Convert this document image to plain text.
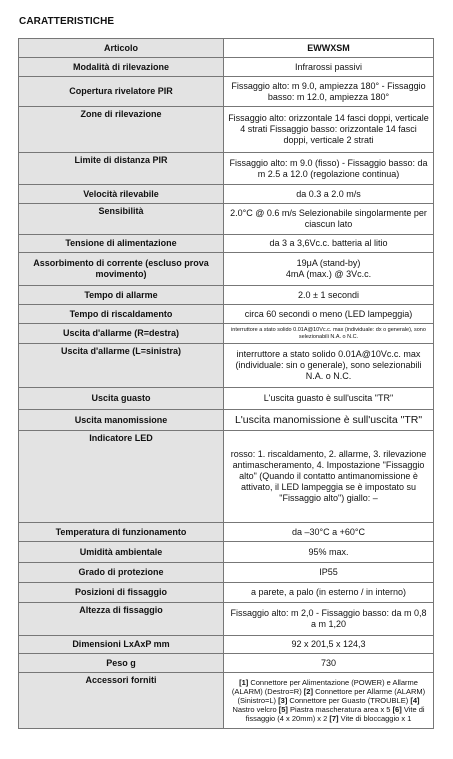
CARATTERISTICHE
Articolo	EWWXSM
Modalità di rilevazione	Infrarossi passivi
Copertura rivelatore PIR	Fissaggio alto: m 9.0, ampiezza 180° - Fissaggio basso: m 12.0, ampiezza 180°
Zone di rilevazione	Fissaggio alto: orizzontale 14 fasci doppi, verticale 4 strati Fissaggio basso: orizzontale 14 fasci doppi, verticale 2 strati
Limite di distanza PIR	Fissaggio alto: m 9.0 (fisso) - Fissaggio basso: da m 2.5 a 12.0 (regolazione continua)
Velocità rilevabile	da 0.3 a 2.0 m/s
Sensibilità	2.0°C @ 0.6 m/s Selezionabile singolarmente per ciascun lato
Tensione di alimentazione	da 3 a 3,6Vc.c. batteria al litio
Assorbimento di corrente (escluso prova movimento)	19μA (stand-by)
4mA (max.) @ 3Vc.c.

Tempo di allarme	2.0 ± 1 secondi
Tempo di riscaldamento	circa 60 secondi o meno (LED lampeggia)
Uscita d'allarme (R=destra)	interruttore a stato solido 0.01A@10Vc.c. max (individuale: dx o generale), sono selezionabili N.A. o N.C.
Uscita d'allarme (L=sinistra)	interruttore a stato solido 0.01A@10Vc.c. max (individuale: sin o generale), sono selezionabili N.A. o N.C.
Uscita guasto	L'uscita guasto è sull'uscita "TR"
Uscita manomissione	L'uscita manomissione è sull'uscita "TR"
Indicatore LED	rosso: 1. riscaldamento, 2. allarme, 3. rilevazione antimascheramento, 4. Impostazione "Fissaggio alto" (Quando il contatto antimanomissione è attivato, il LED lampeggia se è impostato su "Fissaggio alto") giallo: –
Temperatura di funzionamento	da –30°C a +60°C
Umidità ambientale	95% max.
Grado di protezione	IP55
Posizioni di fissaggio	a parete, a palo (in esterno / in interno)
Altezza di fissaggio	Fissaggio alto: m 2,0 - Fissaggio basso: da m 0,8 a m 1,20
Dimensioni LxAxP mm	92 x 201,5 x 124,3
Peso g	730
Accessori forniti	[1] Connettore per Alimentazione (POWER) e Allarme (ALARM) (Destro=R) [2] Connettore per Allarme (ALARM) (Sinistro=L) [3] Connettore per Guasto (TROUBLE) [4] Nastro velcro [5] Piastra mascheratura area x 5 [6] Vite di fissaggio (4 x 20mm) x 2 [7] Vite di bloccaggio x 1
